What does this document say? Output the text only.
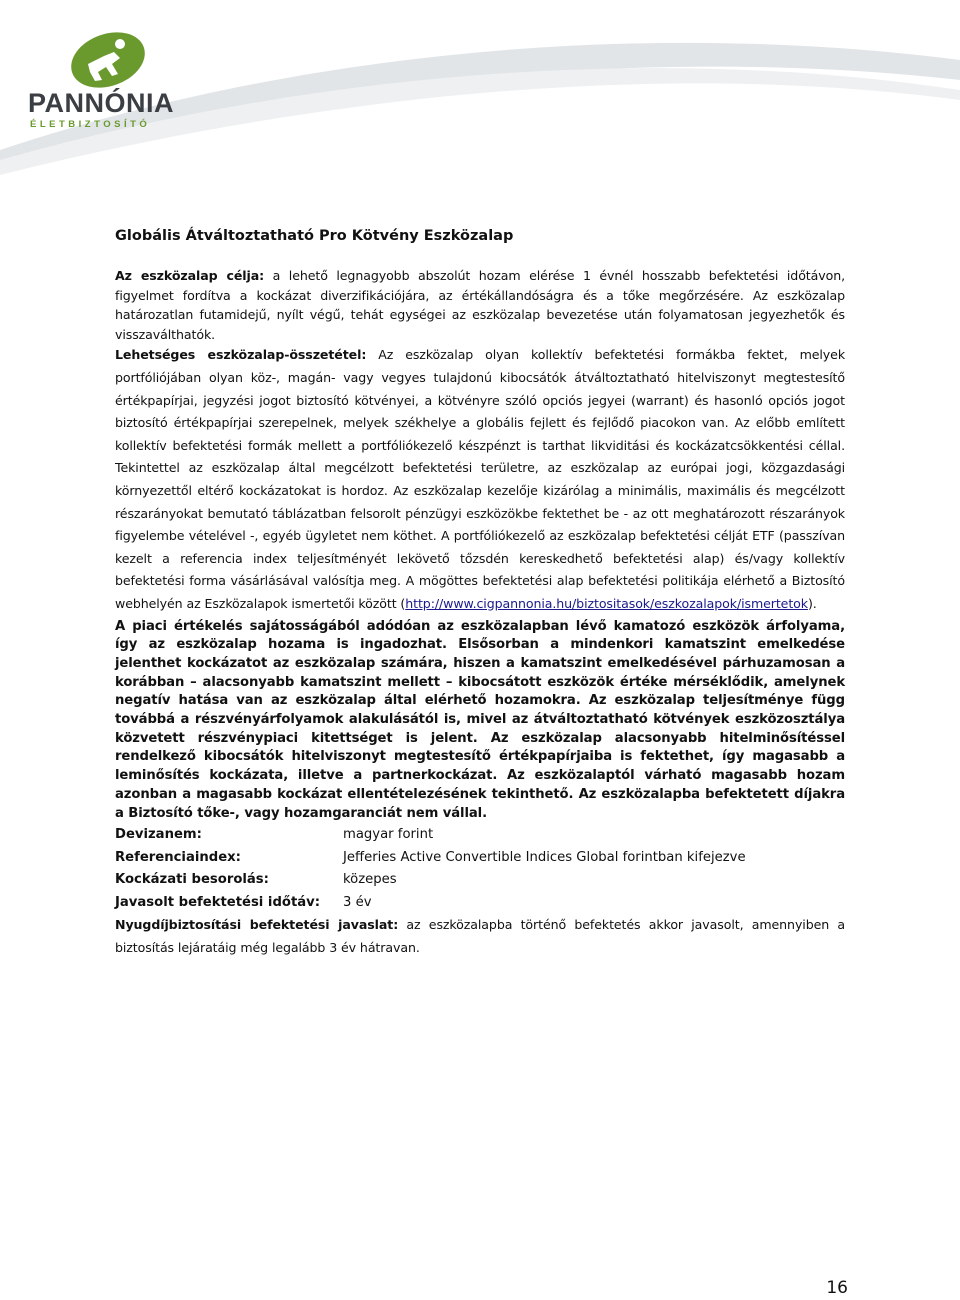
PANNÓNIA
ÉLETBIZTOSÍTÓ
Globális Átváltoztatható Pro Kötvény Eszközalap

Az eszközalap célja: a lehető legnagyobb abszolút hozam elérése 1 évnél hosszabb befektetési időtávon, figyelmet fordítva a kockázat diverzifikációjára, az értékállandóságra és a tőke megőrzésére. Az eszközalap határozatlan futamidejű, nyílt végű, tehát egységei az eszközalap bevezetése után folyamatosan jegyezhetők és visszaválthatók.

Lehetséges eszközalap-összetétel: Az eszközalap olyan kollektív befektetési formákba fektet, melyek portfóliójában olyan köz-, magán- vagy vegyes tulajdonú kibocsátók átváltoztatható hitelviszonyt megtestesítő értékpapírjai, jegyzési jogot biztosító kötvényei, a kötvényre szóló opciós jegyei (warrant) és hasonló opciós jogot biztosító értékpapírjai szerepelnek, melyek székhelye a globális fejlett és fejlődő piacokon van. Az előbb említett kollektív befektetési formák mellett a portfóliókezelő készpénzt is tarthat likviditási és kockázatcsökkentési céllal. Tekintettel az eszközalap által megcélzott befektetési területre, az eszközalap az európai jogi, közgazdasági környezettől eltérő kockázatokat is hordoz. Az eszközalap kezelője kizárólag a minimális, maximális és megcélzott részarányokat bemutató táblázatban felsorolt pénzügyi eszközökbe fektethet be - az ott meghatározott részarányok figyelembe vételével -, egyéb ügyletet nem köthet. A portfóliókezelő az eszközalap befektetési célját ETF (passzívan kezelt a referencia index teljesítményét lekövető tőzsdén kereskedhető befektetési alap) és/vagy kollektív befektetési forma vásárlásával valósítja meg. A mögöttes befektetési alap befektetési politikája elérhető a Biztosító webhelyén az Eszközalapok ismertetői között (http://www.cigpannonia.hu/biztositasok/eszkozalapok/ismertetok).

A piaci értékelés sajátosságából adódóan az eszközalapban lévő kamatozó eszközök árfolyama, így az eszközalap hozama is ingadozhat. Elsősorban a mindenkori kamatszint emelkedése jelenthet kockázatot az eszközalap számára, hiszen a kamatszint emelkedésével párhuzamosan a korábban – alacsonyabb kamatszint mellett – kibocsátott eszközök értéke mérséklődik, amelynek negatív hatása van az eszközalap által elérhető hozamokra. Az eszközalap teljesítménye függ továbbá a részvényárfolyamok alakulásától is, mivel az átváltoztatható kötvények eszközosztálya közvetett részvénypiaci kitettséget is jelent. Az eszközalap alacsonyabb hitelminősítéssel rendelkező kibocsátók hitelviszonyt megtestesítő értékpapírjaiba is fektethet, így magasabb a leminősítés kockázata, illetve a partnerkockázat. Az eszközalaptól várható magasabb hozam azonban a magasabb kockázat ellentételezésének tekinthető. Az eszközalapba befektetett díjakra a Biztosító tőke-, vagy hozamgaranciát nem vállal.

Devizanem:	magyar forint
Referenciaindex:	Jefferies Active Convertible Indices Global forintban kifejezve
Kockázati besorolás:	közepes
Javasolt befektetési időtáv:	3 év

Nyugdíjbiztosítási befektetési javaslat: az eszközalapba történő befektetés akkor javasolt, amennyiben a biztosítás lejáratáig még legalább 3 év hátravan.

16
